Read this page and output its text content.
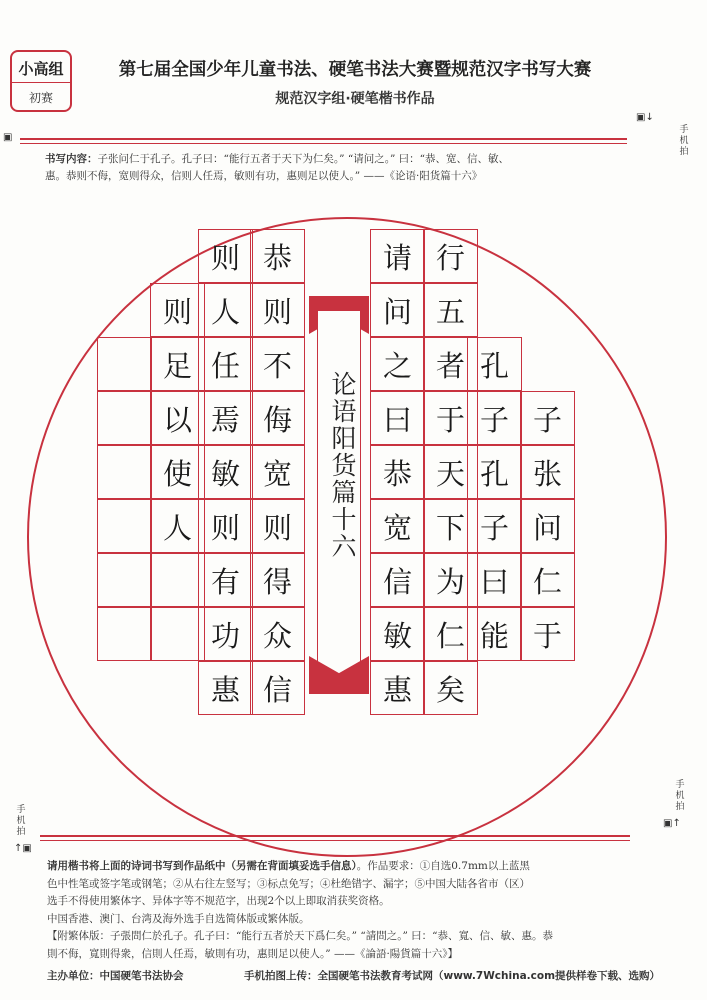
小高组
初赛
第七届全国少年儿童书法、硬笔书法大赛暨规范汉字书写大赛
规范汉字组·硬笔楷书作品
▣
▣↓
手机拍
书写内容：子张问仁于孔子。孔子曰：“能行五者于天下为仁矣。” “请问之。” 曰：“恭、宽、信、敏、
惠。恭则不侮，宽则得众，信则人任焉，敏则有功，惠则足以使人。” ——《论语·阳货篇十六》
子
张
问
仁
于
孔
子
孔
子
曰
能
行
五
者
于
天
下
为
仁
矣
请
问
之
曰
恭
宽
信
敏
惠
恭
则
不
侮
宽
则
得
众
信
则
人
任
焉
敏
则
有
功
惠
则
足
以
使
人	论语阳货篇十六
手机拍
↑▣
手机拍
▣↑
请用楷书将上面的诗词书写到作品纸中（另需在背面填妥选手信息）。作品要求：①自选0.7mm以上蓝黑
色中性笔或签字笔或钢笔；②从右往左竖写；③标点免写；④杜绝错字、漏字；⑤中国大陆各省市（区）
选手不得使用繁体字、异体字等不规范字，出现2个以上即取消获奖资格。
中国香港、澳门、台湾及海外选手自选简体版或繁体版。
【附繁体版：子張問仁於孔子。孔子曰：“能行五者於天下爲仁矣。” “請問之。” 曰：“恭、寬、信、敏、惠。恭
則不侮，寬則得衆，信則人任焉，敏則有功，惠則足以使人。” ——《論語·陽貨篇十六》】
主办单位：中国硬笔书法协会	手机拍图上传：全国硬笔书法教育考试网（www.7Wchina.com提供样卷下载、选购）
